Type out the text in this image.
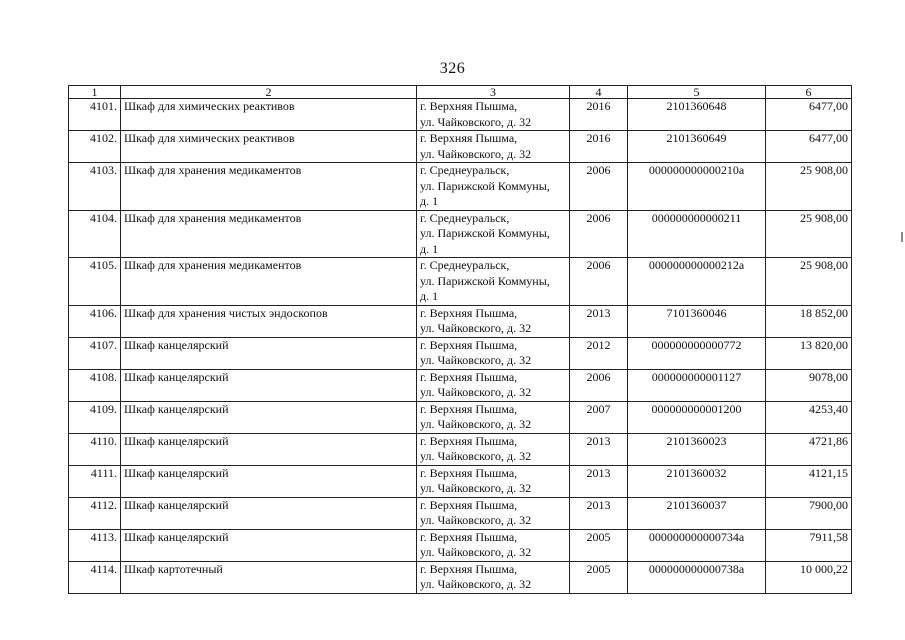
326
1	2	3	4	5	6
4101.	Шкаф для химических реактивов	г. Верхняя Пышма,
ул. Чайковского, д. 32	2016	2101360648	6477,00
4102.	Шкаф для химических реактивов	г. Верхняя Пышма,
ул. Чайковского, д. 32	2016	2101360649	6477,00
4103.	Шкаф для хранения медикаментов	г. Среднеуральск,
ул. Парижской Коммуны,
д. 1	2006	000000000000210а	25 908,00
4104.	Шкаф для хранения медикаментов	г. Среднеуральск,
ул. Парижской Коммуны,
д. 1	2006	000000000000211	25 908,00
4105.	Шкаф для хранения медикаментов	г. Среднеуральск,
ул. Парижской Коммуны,
д. 1	2006	000000000000212а	25 908,00
4106.	Шкаф для хранения чистых эндоскопов	г. Верхняя Пышма,
ул. Чайковского, д. 32	2013	7101360046	18 852,00
4107.	Шкаф канцелярский	г. Верхняя Пышма,
ул. Чайковского, д. 32	2012	000000000000772	13 820,00
4108.	Шкаф канцелярский	г. Верхняя Пышма,
ул. Чайковского, д. 32	2006	000000000001127	9078,00
4109.	Шкаф канцелярский	г. Верхняя Пышма,
ул. Чайковского, д. 32	2007	000000000001200	4253,40
4110.	Шкаф канцелярский	г. Верхняя Пышма,
ул. Чайковского, д. 32	2013	2101360023	4721,86
4111.	Шкаф канцелярский	г. Верхняя Пышма,
ул. Чайковского, д. 32	2013	2101360032	4121,15
4112.	Шкаф канцелярский	г. Верхняя Пышма,
ул. Чайковского, д. 32	2013	2101360037	7900,00
4113.	Шкаф канцелярский	г. Верхняя Пышма,
ул. Чайковского, д. 32	2005	000000000000734а	7911,58
4114.	Шкаф картотечный	г. Верхняя Пышма,
ул. Чайковского, д. 32	2005	000000000000738а	10 000,22
